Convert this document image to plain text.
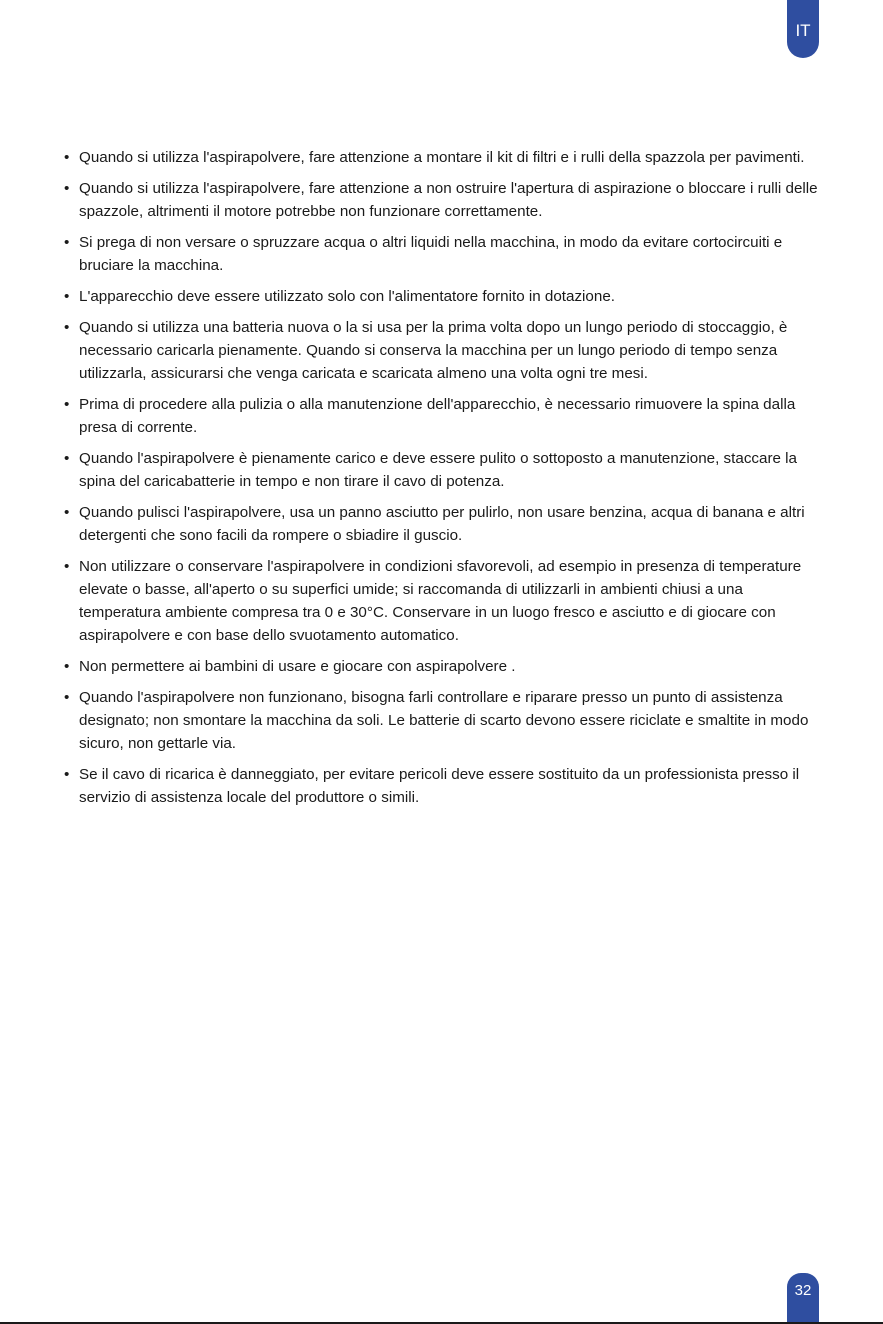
IT
• Quando si utilizza l'aspirapolvere, fare attenzione a montare il kit di filtri e i rulli della spazzola per pavimenti.
• Quando si utilizza l'aspirapolvere, fare attenzione a non ostruire l'apertura di aspirazione o bloccare i rulli delle spazzole, altrimenti il motore potrebbe non funzionare correttamente.
• Si prega di non versare o spruzzare acqua o altri liquidi nella macchina, in modo da evitare cortocircuiti e bruciare la macchina.
• L'apparecchio deve essere utilizzato solo con l'alimentatore fornito in dotazione.
• Quando si utilizza una batteria nuova o la si usa per la prima volta dopo un lungo periodo di stoccaggio, è necessario caricarla pienamente. Quando si conserva la macchina per un lungo periodo di tempo senza utilizzarla, assicurarsi che venga caricata e scaricata almeno una volta ogni tre mesi.
• Prima di procedere alla pulizia o alla manutenzione dell'apparecchio, è necessario rimuovere la spina dalla presa di corrente.
• Quando l'aspirapolvere è pienamente carico e deve essere pulito o sottoposto a manutenzione, staccare la spina del caricabatterie in tempo e non tirare il cavo di potenza.
• Quando pulisci l'aspirapolvere, usa un panno asciutto per pulirlo, non usare benzina, acqua di banana e altri detergenti che sono facili da rompere o sbiadire il guscio.
• Non utilizzare o conservare l'aspirapolvere in condizioni sfavorevoli, ad esempio in presenza di temperature elevate o basse, all'aperto o su superfici umide; si raccomanda di utilizzarli in ambienti chiusi a una temperatura ambiente compresa tra 0 e 30°C. Conservare in un luogo fresco e asciutto e di giocare con aspirapolvere e con base dello svuotamento automatico.
• Non permettere ai bambini di usare e giocare con aspirapolvere .
• Quando l'aspirapolvere non funzionano, bisogna farli controllare e riparare presso un punto di assistenza designato; non smontare la macchina da soli. Le batterie di scarto devono essere riciclate e smaltite in modo sicuro, non gettarle via.
• Se il cavo di ricarica è danneggiato, per evitare pericoli deve essere sostituito da un professionista presso il servizio di assistenza locale del produttore o simili.
32
